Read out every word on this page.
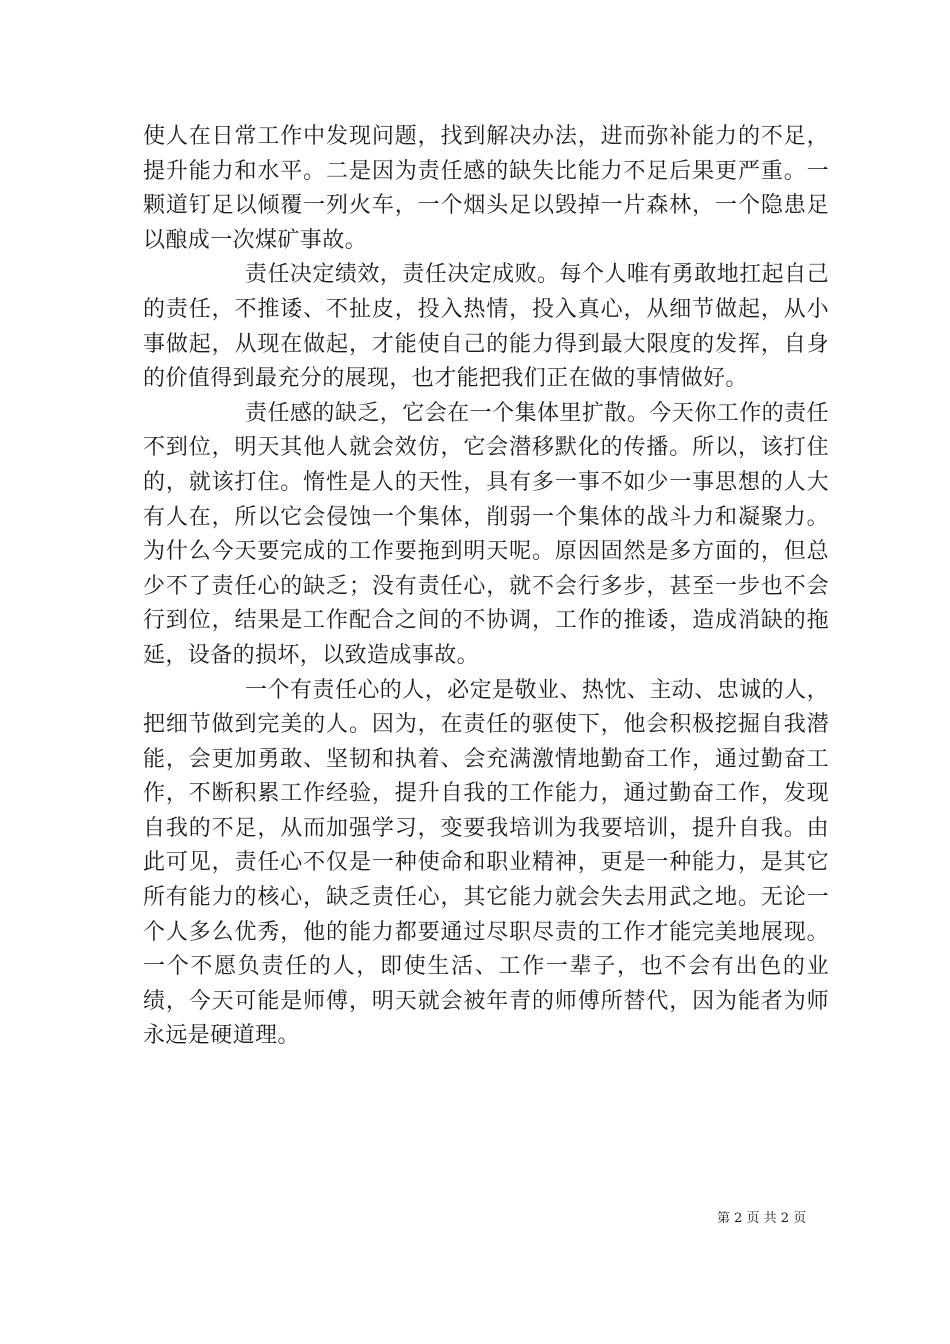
使人在日常工作中发现问题，找到解决办法，进而弥补能力的不足，提升能力和水平。二是因为责任感的缺失比能力不足后果更严重。一颗道钉足以倾覆一列火车，一个烟头足以毁掉一片森林，一个隐患足以酿成一次煤矿事故。

责任决定绩效，责任决定成败。每个人唯有勇敢地扛起自己的责任，不推诿、不扯皮，投入热情，投入真心，从细节做起，从小事做起，从现在做起，才能使自己的能力得到最大限度的发挥，自身的价值得到最充分的展现，也才能把我们正在做的事情做好。

责任感的缺乏，它会在一个集体里扩散。今天你工作的责任不到位，明天其他人就会效仿，它会潜移默化的传播。所以，该打住的，就该打住。惰性是人的天性，具有多一事不如少一事思想的人大有人在，所以它会侵蚀一个集体，削弱一个集体的战斗力和凝聚力。为什么今天要完成的工作要拖到明天呢。原因固然是多方面的，但总少不了责任心的缺乏；没有责任心，就不会行多步，甚至一步也不会行到位，结果是工作配合之间的不协调，工作的推诿，造成消缺的拖延，设备的损坏，以致造成事故。

一个有责任心的人，必定是敬业、热忱、主动、忠诚的人，把细节做到完美的人。因为，在责任的驱使下，他会积极挖掘自我潜能，会更加勇敢、坚韧和执着、会充满激情地勤奋工作，通过勤奋工作，不断积累工作经验，提升自我的工作能力，通过勤奋工作，发现自我的不足，从而加强学习，变要我培训为我要培训，提升自我。由此可见，责任心不仅是一种使命和职业精神，更是一种能力，是其它所有能力的核心，缺乏责任心，其它能力就会失去用武之地。无论一个人多么优秀，他的能力都要通过尽职尽责的工作才能完美地展现。一个不愿负责任的人，即使生活、工作一辈子，也不会有出色的业绩，今天可能是师傅，明天就会被年青的师傅所替代，因为能者为师永远是硬道理。

第 2 页 共 2 页
